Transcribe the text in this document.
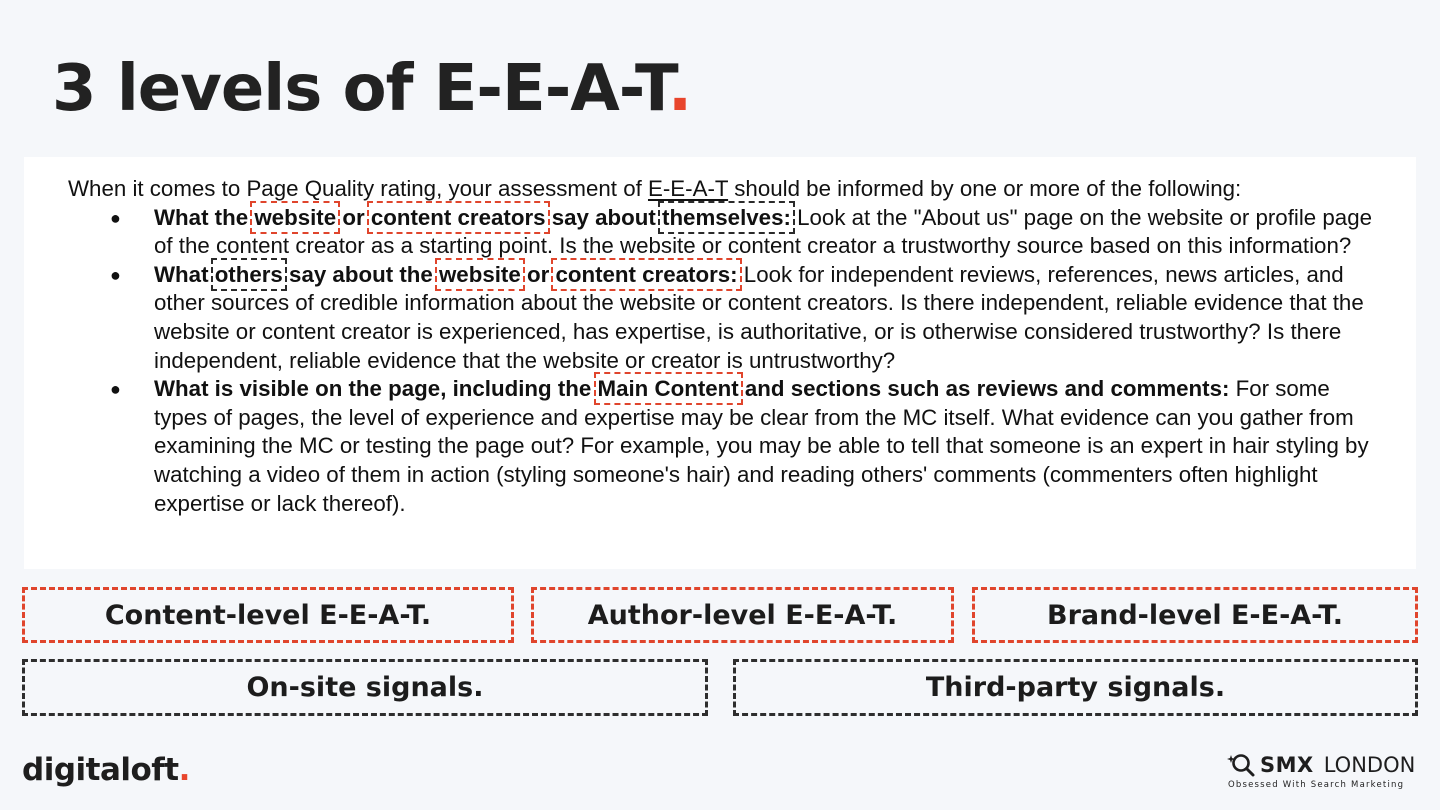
3 levels of E-E-A-T.

When it comes to Page Quality rating, your assessment of E-E-A-T should be informed by one or more of the following:

● What the website or content creators say about themselves: Look at the "About us" page on the website or profile page of the content creator as a starting point. Is the website or content creator a trustworthy source based on this information?
● What others say about the website or content creators: Look for independent reviews, references, news articles, and other sources of credible information about the website or content creators. Is there independent, reliable evidence that the website or content creator is experienced, has expertise, is authoritative, or is otherwise considered trustworthy? Is there independent, reliable evidence that the website or creator is untrustworthy?
● What is visible on the page, including the Main Content and sections such as reviews and comments: For some types of pages, the level of experience and expertise may be clear from the MC itself. What evidence can you gather from examining the MC or testing the page out? For example, you may be able to tell that someone is an expert in hair styling by watching a video of them in action (styling someone's hair) and reading others' comments (commenters often highlight expertise or lack thereof).
Content-level E-E-A-T.	Author-level E-E-A-T.	Brand-level E-E-A-T.
On-site signals.	Third-party signals.
digitaloft.	SMX LONDON
Obsessed With Search Marketing
